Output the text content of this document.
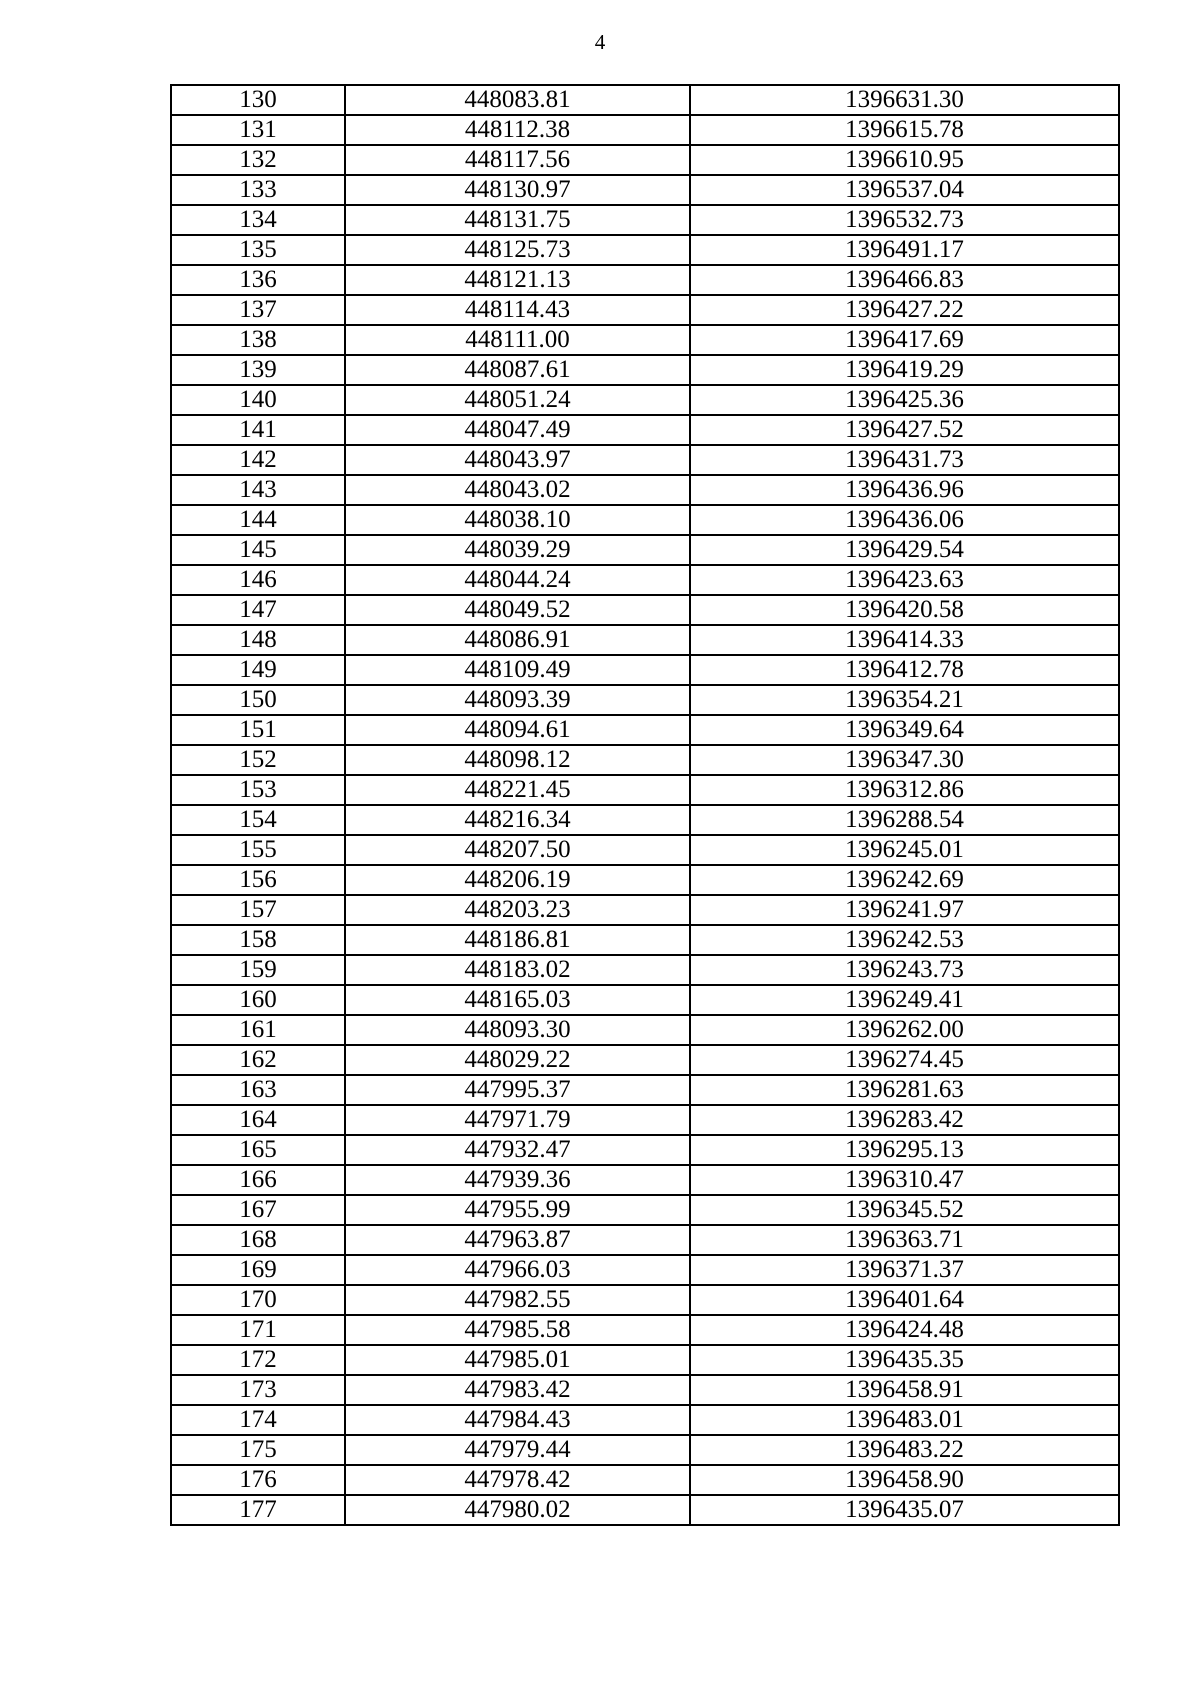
4
130	448083.81	1396631.30
131	448112.38	1396615.78
132	448117.56	1396610.95
133	448130.97	1396537.04
134	448131.75	1396532.73
135	448125.73	1396491.17
136	448121.13	1396466.83
137	448114.43	1396427.22
138	448111.00	1396417.69
139	448087.61	1396419.29
140	448051.24	1396425.36
141	448047.49	1396427.52
142	448043.97	1396431.73
143	448043.02	1396436.96
144	448038.10	1396436.06
145	448039.29	1396429.54
146	448044.24	1396423.63
147	448049.52	1396420.58
148	448086.91	1396414.33
149	448109.49	1396412.78
150	448093.39	1396354.21
151	448094.61	1396349.64
152	448098.12	1396347.30
153	448221.45	1396312.86
154	448216.34	1396288.54
155	448207.50	1396245.01
156	448206.19	1396242.69
157	448203.23	1396241.97
158	448186.81	1396242.53
159	448183.02	1396243.73
160	448165.03	1396249.41
161	448093.30	1396262.00
162	448029.22	1396274.45
163	447995.37	1396281.63
164	447971.79	1396283.42
165	447932.47	1396295.13
166	447939.36	1396310.47
167	447955.99	1396345.52
168	447963.87	1396363.71
169	447966.03	1396371.37
170	447982.55	1396401.64
171	447985.58	1396424.48
172	447985.01	1396435.35
173	447983.42	1396458.91
174	447984.43	1396483.01
175	447979.44	1396483.22
176	447978.42	1396458.90
177	447980.02	1396435.07
